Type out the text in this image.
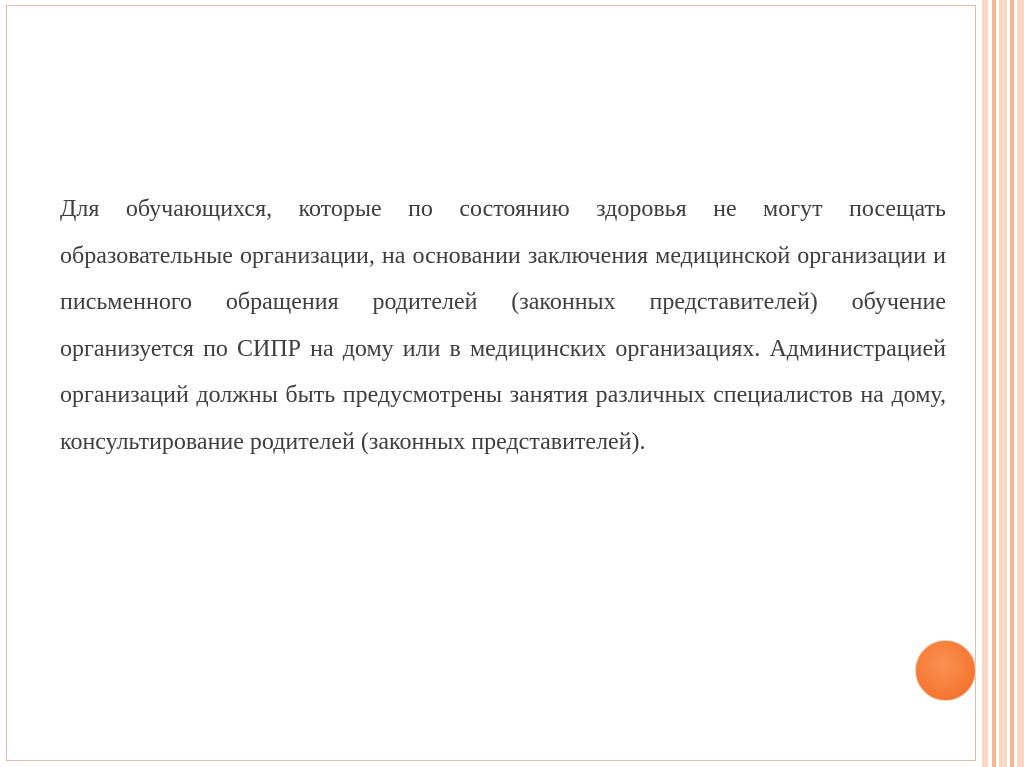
Для обучающихся, которые по состоянию здоровья не могут посещать образовательные организации, на основании заключения медицинской организации и письменного обращения родителей (законных представителей) обучение организуется по СИПР на дому или в медицинских организациях. Администрацией организаций должны быть предусмотрены занятия различных специалистов на дому, консультирование родителей (законных представителей).
